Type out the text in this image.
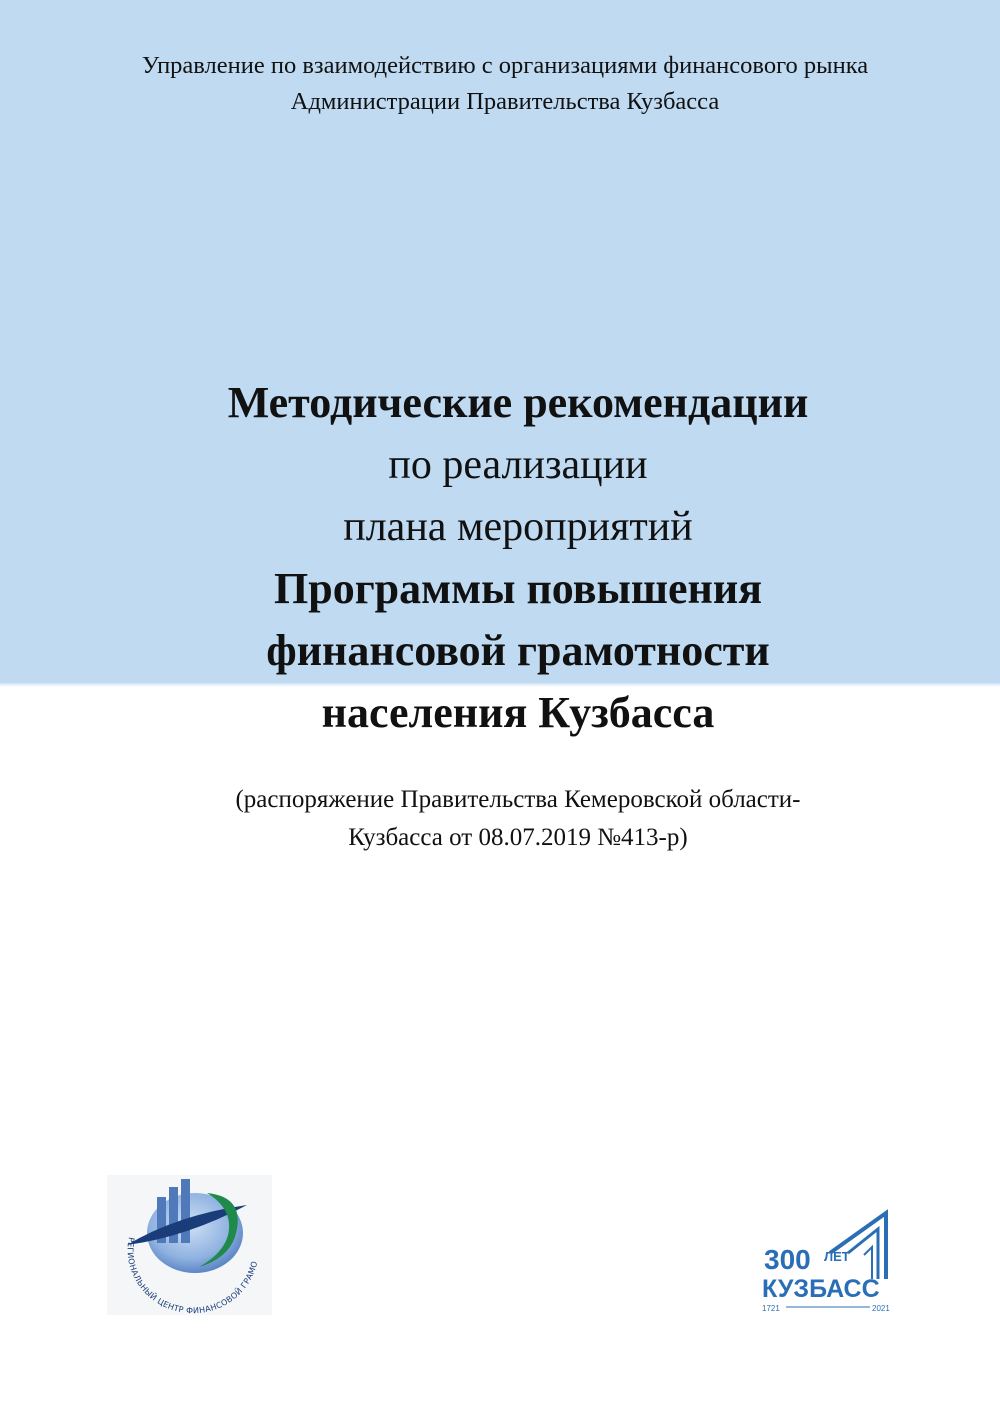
Управление по взаимодействию с организациями финансового рынка
Администрации Правительства Кузбасса
Методические рекомендации
по реализации
плана мероприятий
Программы повышения
финансовой грамотности
населения Кузбасса
(распоряжение Правительства Кемеровской области-
Кузбасса от 08.07.2019 №413-р)
РЕГИОНАЛЬНЫЙ ЦЕНТР ФИНАНСОВОЙ ГРАМО	300 ЛЕТ
КУЗБАСС
1721	2021
